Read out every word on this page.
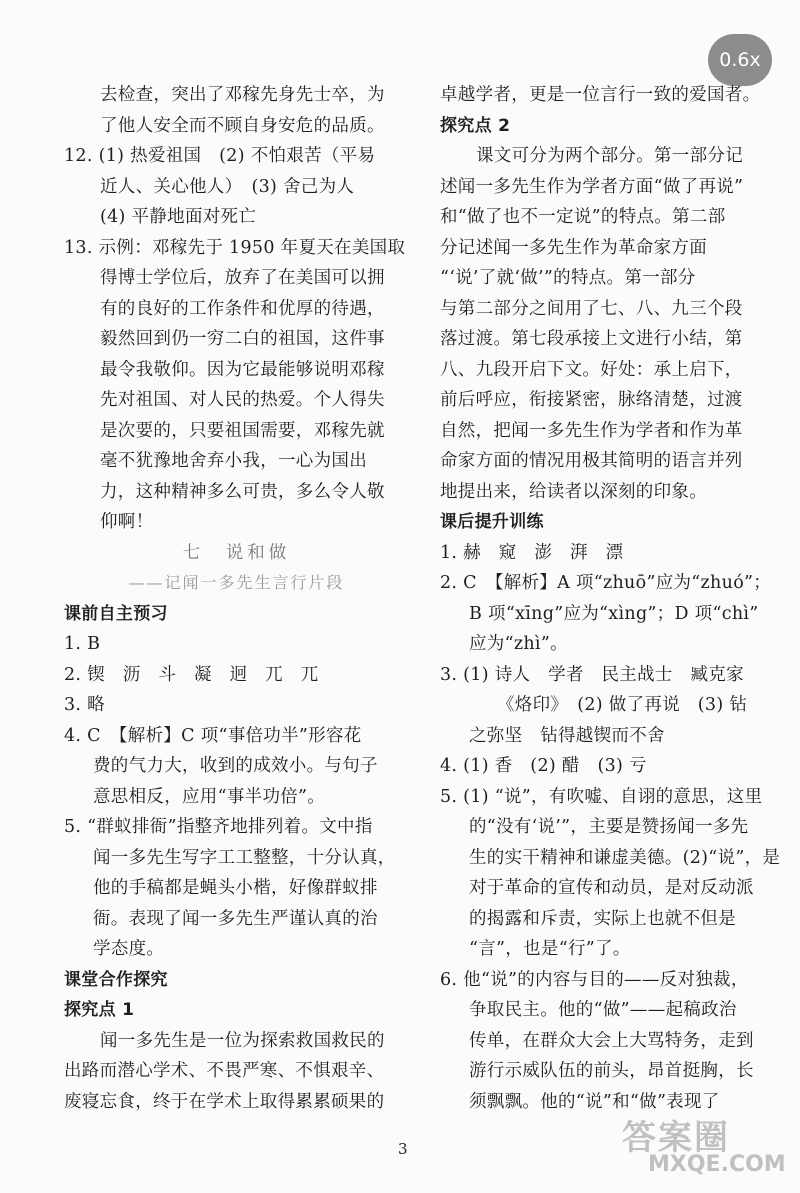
0.6x
去检查，突出了邓稼先身先士卒，为
了他人安全而不顾自身安危的品质。
12. (1) 热爱祖国　(2) 不怕艰苦（平易
近人、关心他人）　(3) 舍己为人
(4) 平静地面对死亡
13. 示例：邓稼先于 1950 年夏天在美国取
得博士学位后，放弃了在美国可以拥
有的良好的工作条件和优厚的待遇，
毅然回到仍一穷二白的祖国，这件事
最令我敬仰。因为它最能够说明邓稼
先对祖国、对人民的热爱。个人得失
是次要的，只要祖国需要，邓稼先就
毫不犹豫地舍弃小我，一心为国出
力，这种精神多么可贵，多么令人敬
仰啊！
七　说和做
——记闻一多先生言行片段
课前自主预习
1. B
2. 锲　沥　斗　凝　迥　兀　兀
3. 略
4. C　【解析】C 项“事倍功半”形容花
费的气力大，收到的成效小。与句子
意思相反，应用“事半功倍”。
5. “群蚁排衙”指整齐地排列着。文中指
闻一多先生写字工工整整，十分认真，
他的手稿都是蝇头小楷，好像群蚁排
衙。表现了闻一多先生严谨认真的治
学态度。
课堂合作探究
探究点 1
闻一多先生是一位为探索救国救民的
出路而潜心学术、不畏严寒、不惧艰辛、
废寝忘食，终于在学术上取得累累硕果的
卓越学者，更是一位言行一致的爱国者。
探究点 2
课文可分为两个部分。第一部分记
述闻一多先生作为学者方面“做了再说”
和“做了也不一定说”的特点。第二部
分记述闻一多先生作为革命家方面
“‘说’了就‘做’”的特点。第一部分
与第二部分之间用了七、八、九三个段
落过渡。第七段承接上文进行小结，第
八、九段开启下文。好处：承上启下，
前后呼应，衔接紧密，脉络清楚，过渡
自然，把闻一多先生作为学者和作为革
命家方面的情况用极其简明的语言并列
地提出来，给读者以深刻的印象。
课后提升训练
1. 赫　窥　澎　湃　漂
2. C　【解析】A 项“zhuō”应为“zhuó”；
B 项“xīng”应为“xìng”；D 项“chì”
应为“zhì”。
3. (1) 诗人　学者　民主战士　臧克家
《烙印》　(2) 做了再说　(3) 钻
之弥坚　钻得越锲而不舍
4. (1) 香　(2) 醋　(3) 亏
5. (1) “说”，有吹嘘、自诩的意思，这里
的“没有‘说’”，主要是赞扬闻一多先
生的实干精神和谦虚美德。(2)“说”，是
对于革命的宣传和动员，是对反动派
的揭露和斥责，实际上也就不但是
“言”，也是“行”了。
6. 他“说”的内容与目的——反对独裁，
争取民主。他的“做”——起稿政治
传单，在群众大会上大骂特务，走到
游行示威队伍的前头，昂首挺胸，长
须飘飘。他的“说”和“做”表现了
3	答案圈
MXQE.COM
